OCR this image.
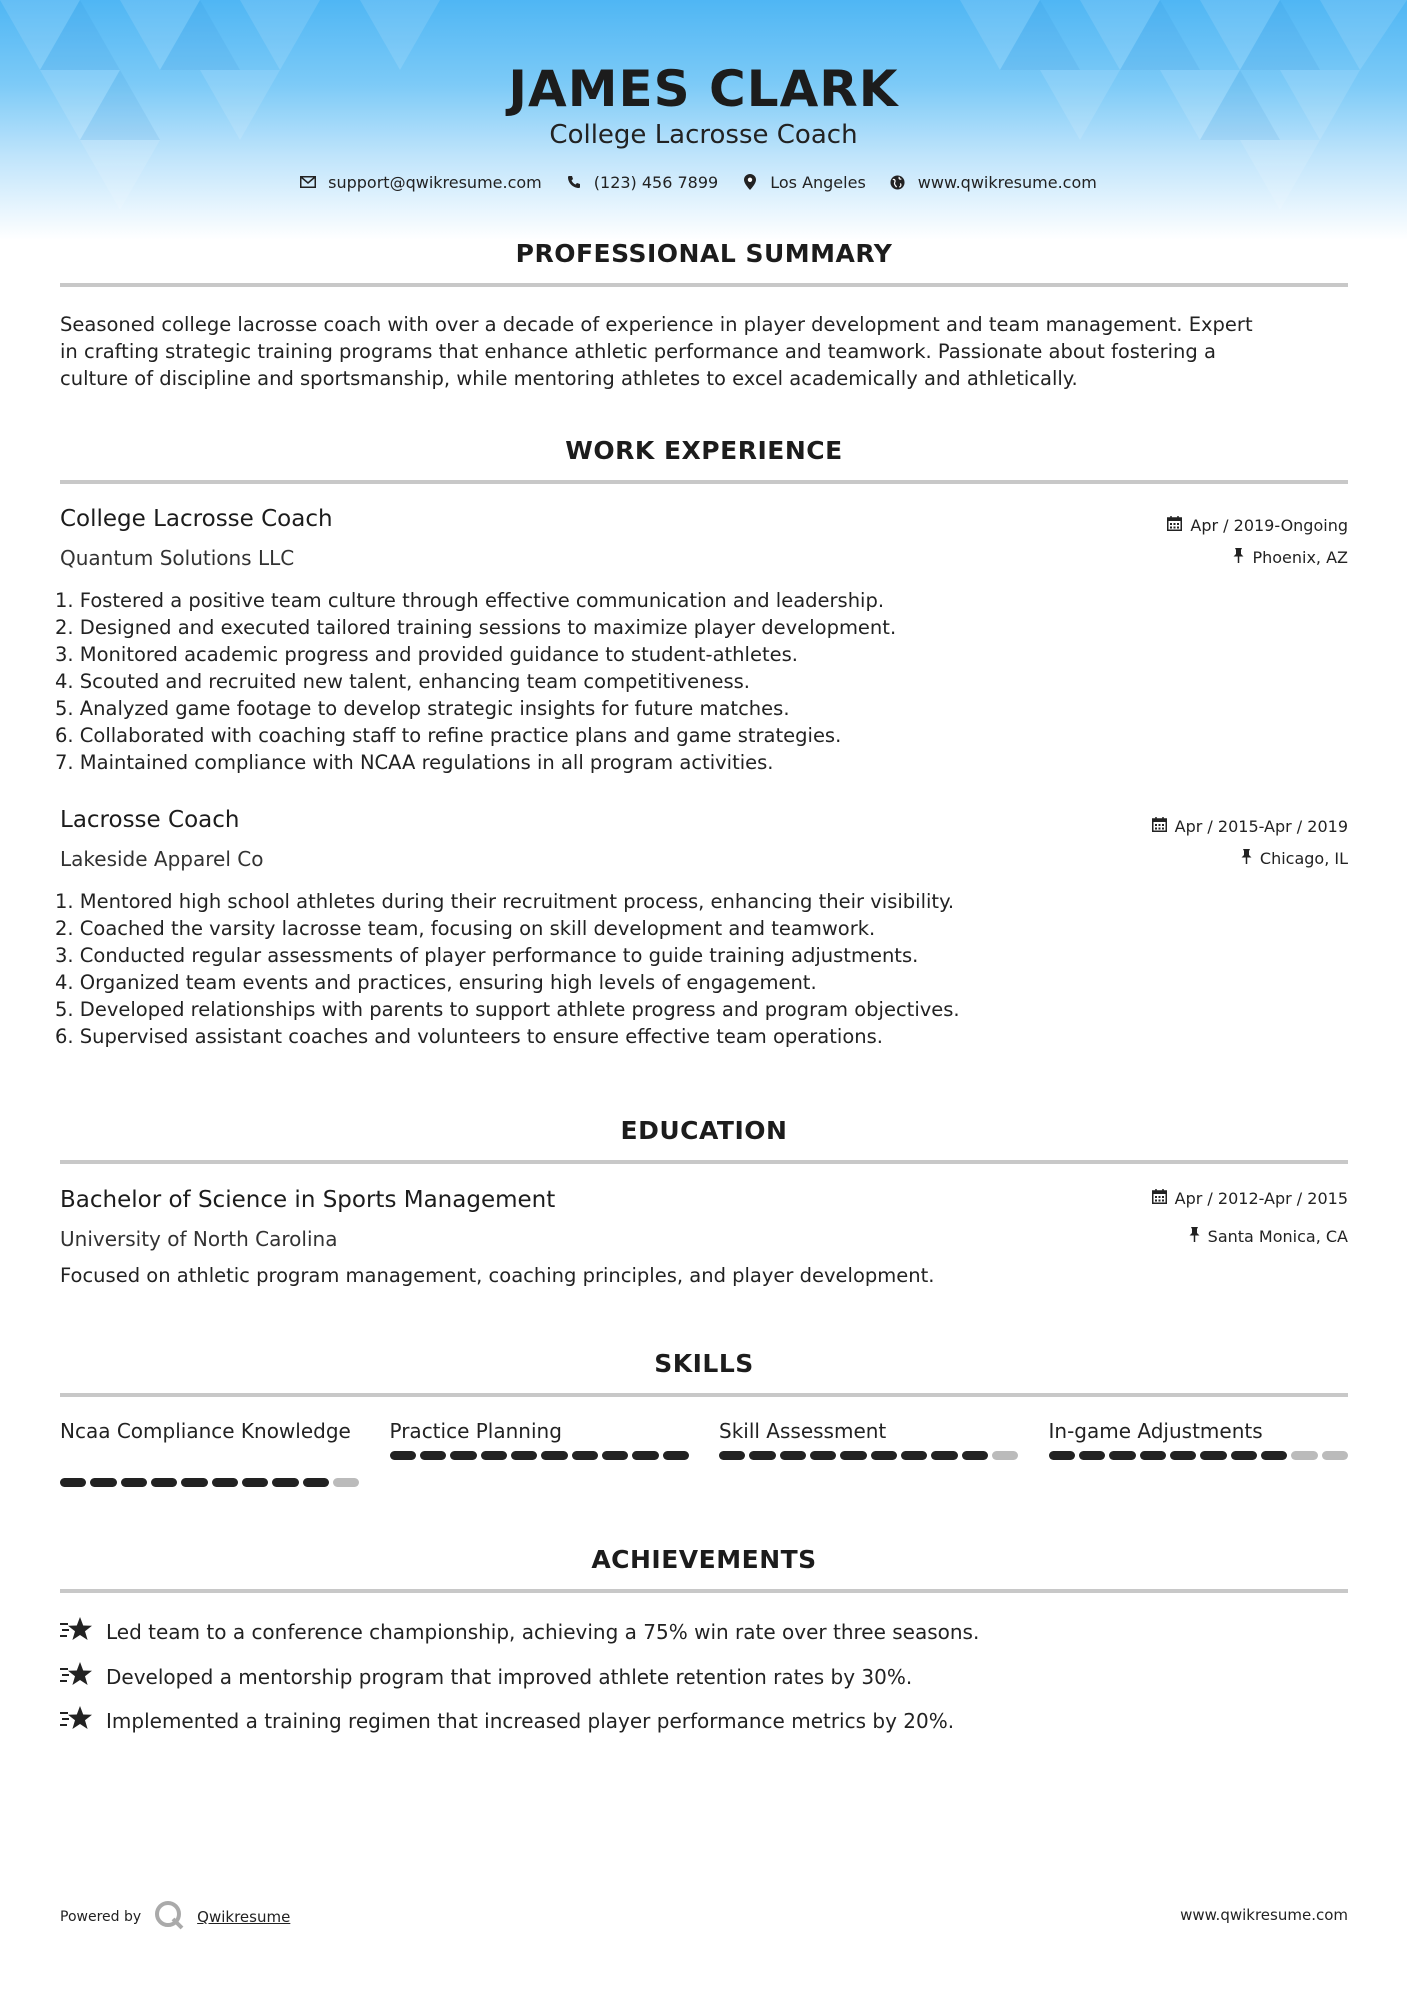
JAMES CLARK
College Lacrosse Coach
support@qwikresume.com	(123) 456 7899	Los Angeles	www.qwikresume.com
PROFESSIONAL SUMMARY
Seasoned college lacrosse coach with over a decade of experience in player development and team management. Expert
in crafting strategic training programs that enhance athletic performance and teamwork. Passionate about fostering a
culture of discipline and sportsmanship, while mentoring athletes to excel academically and athletically.
WORK EXPERIENCE
College Lacrosse Coach	Apr / 2019-Ongoing
Quantum Solutions LLC	Phoenix, AZ
1. Fostered a positive team culture through effective communication and leadership.
2. Designed and executed tailored training sessions to maximize player development.
3. Monitored academic progress and provided guidance to student-athletes.
4. Scouted and recruited new talent, enhancing team competitiveness.
5. Analyzed game footage to develop strategic insights for future matches.
6. Collaborated with coaching staff to refine practice plans and game strategies.
7. Maintained compliance with NCAA regulations in all program activities.
Lacrosse Coach	Apr / 2015-Apr / 2019
Lakeside Apparel Co	Chicago, IL
1. Mentored high school athletes during their recruitment process, enhancing their visibility.
2. Coached the varsity lacrosse team, focusing on skill development and teamwork.
3. Conducted regular assessments of player performance to guide training adjustments.
4. Organized team events and practices, ensuring high levels of engagement.
5. Developed relationships with parents to support athlete progress and program objectives.
6. Supervised assistant coaches and volunteers to ensure effective team operations.
EDUCATION
Bachelor of Science in Sports Management	Apr / 2012-Apr / 2015
University of North Carolina	Santa Monica, CA
Focused on athletic program management, coaching principles, and player development.
SKILLS
Ncaa Compliance Knowledge	Practice Planning	Skill Assessment	In-game Adjustments
ACHIEVEMENTS
Led team to a conference championship, achieving a 75% win rate over three seasons.
Developed a mentorship program that improved athlete retention rates by 30%.
Implemented a training regimen that increased player performance metrics by 20%.
Powered by	Qwikresume	www.qwikresume.com
